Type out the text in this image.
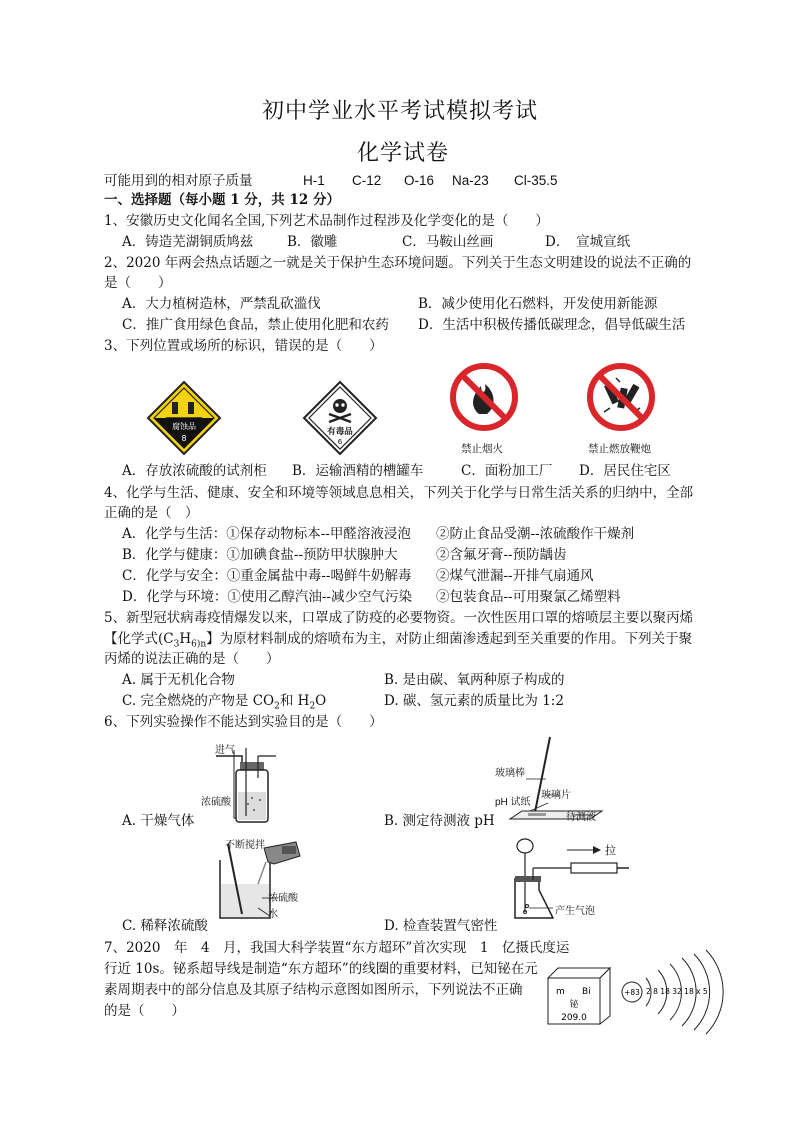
初中学业水平考试模拟考试
化学试卷
可能用到的相对原子质量	H-1 C-12 O-16 Na-23 Cl-35.5
一、选择题（每小题 1 分，共 12 分）
1、安徽历史文化闻名全国,下列艺术品制作过程涉及化学变化的是（　　）
A．铸造芜湖铜质鸠兹	B．徽雕	C．马鞍山丝画	D．　宣城宣纸
2、2020 年两会热点话题之一就是关于保护生态环境问题。下列关于生态文明建设的说法不正确的
是（　　）
A．大力植树造林，严禁乱砍滥伐	B．减少使用化石燃料，开发使用新能源
C．推广食用绿色食品，禁止使用化肥和农药 D．生活中积极传播低碳理念，倡导低碳生活
3、下列位置或场所的标识，错误的是（　　）
腐蚀品
8
有毒品
6
禁止烟火	禁止燃放鞭炮
A．存放浓硫酸的试剂柜 B．运输酒精的槽罐车	C．面粉加工厂 D．居民住宅区
4、化学与生活、健康、安全和环境等领域息息相关，下列关于化学与日常生活关系的归纳中，全部
正确的是（　）
A．化学与生活：①保存动物标本--甲醛溶液浸泡 ②防止食品受潮--浓硫酸作干燥剂
B．化学与健康：①加碘食盐--预防甲状腺肿大	②含氟牙膏--预防龋齿
C．化学与安全：①重金属盐中毒--喝鲜牛奶解毒 ②煤气泄漏--开排气扇通风
D．化学与环境：①使用乙醇汽油--减少空气污染 ②包装食品--可用聚氯乙烯塑料
5、新型冠状病毒疫情爆发以来，口罩成了防疫的必要物资。一次性医用口罩的熔喷层主要以聚丙烯
【化学式($C_3H_{6)n}$】为原材料制成的熔喷布为主，对防止细菌渗透起到至关重要的作用。下列关于聚
丙烯的说法正确的是（　　）
A. 属于无机化合物	B. 是由碳、氧两种原子构成的
C. 完全燃烧的产物是 $CO_2$和 $H_2O$	D. 碳、氢元素的质量比为 1:2
6、下列实验操作不能达到实验目的是（　　）
进气
浓硫酸
A. 干燥气体
玻璃棒
玻璃片
pH 试纸
待测液
B. 测定待测液 pH
不断搅拌
浓硫酸
水
C. 稀释浓硫酸
拉
产生气泡
D. 检查装置气密性
7、2020　年　4　月，我国大科学装置“东方超环”首次实现　1　亿摄氏度运
行近 10s。铋系超导线是制造“东方超环”的线圈的重要材料，已知铋在元
素周期表中的部分信息及其原子结构示意图如图所示，下列说法不正确
的是（　　）
m Bi
铋
209.0
+83 2 8 18 32 18 x 5
